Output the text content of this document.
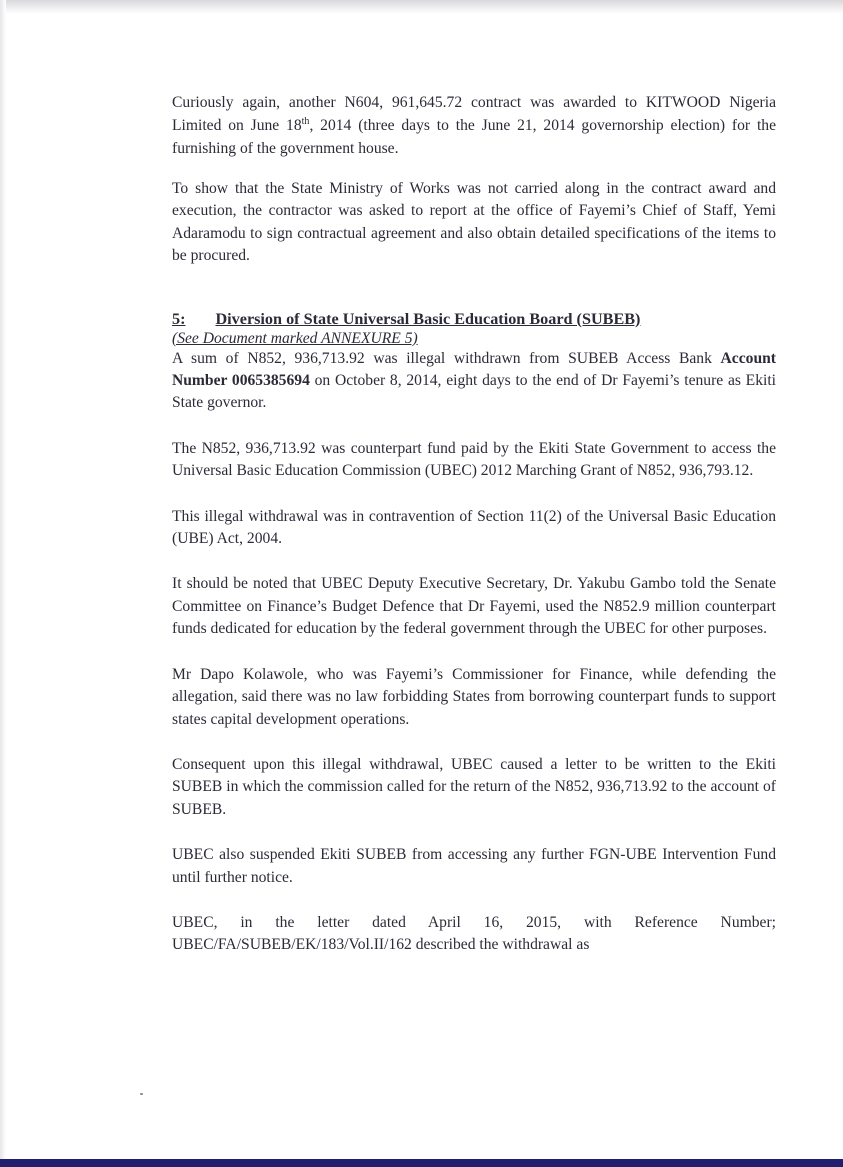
Curiously again, another N604, 961,645.72 contract was awarded to KITWOOD Nigeria Limited on June 18th, 2014 (three days to the June 21, 2014 governorship election) for the furnishing of the government house.

To show that the State Ministry of Works was not carried along in the contract award and execution, the contractor was asked to report at the office of Fayemi’s Chief of Staff, Yemi Adaramodu to sign contractual agreement and also obtain detailed specifications of the items to be procured.

5: Diversion of State Universal Basic Education Board (SUBEB)

(See Document marked ANNEXURE 5)

A sum of N852, 936,713.92 was illegal withdrawn from SUBEB Access Bank Account Number 0065385694 on October 8, 2014, eight days to the end of Dr Fayemi’s tenure as Ekiti State governor.

The N852, 936,713.92 was counterpart fund paid by the Ekiti State Government to access the Universal Basic Education Commission (UBEC) 2012 Marching Grant of N852, 936,793.12.

This illegal withdrawal was in contravention of Section 11(2) of the Universal Basic Education (UBE) Act, 2004.

It should be noted that UBEC Deputy Executive Secretary, Dr. Yakubu Gambo told the Senate Committee on Finance’s Budget Defence that Dr Fayemi, used the N852.9 million counterpart funds dedicated for education by the federal government through the UBEC for other purposes.

Mr Dapo Kolawole, who was Fayemi’s Commissioner for Finance, while defending the allegation, said there was no law forbidding States from borrowing counterpart funds to support states capital development operations.

Consequent upon this illegal withdrawal, UBEC caused a letter to be written to the Ekiti SUBEB in which the commission called for the return of the N852, 936,713.92 to the account of SUBEB.

UBEC also suspended Ekiti SUBEB from accessing any further FGN-UBE Intervention Fund until further notice.

UBEC, in the letter dated April 16, 2015, with Reference Number; UBEC/FA/SUBEB/EK/183/Vol.II/162 described the withdrawal as
